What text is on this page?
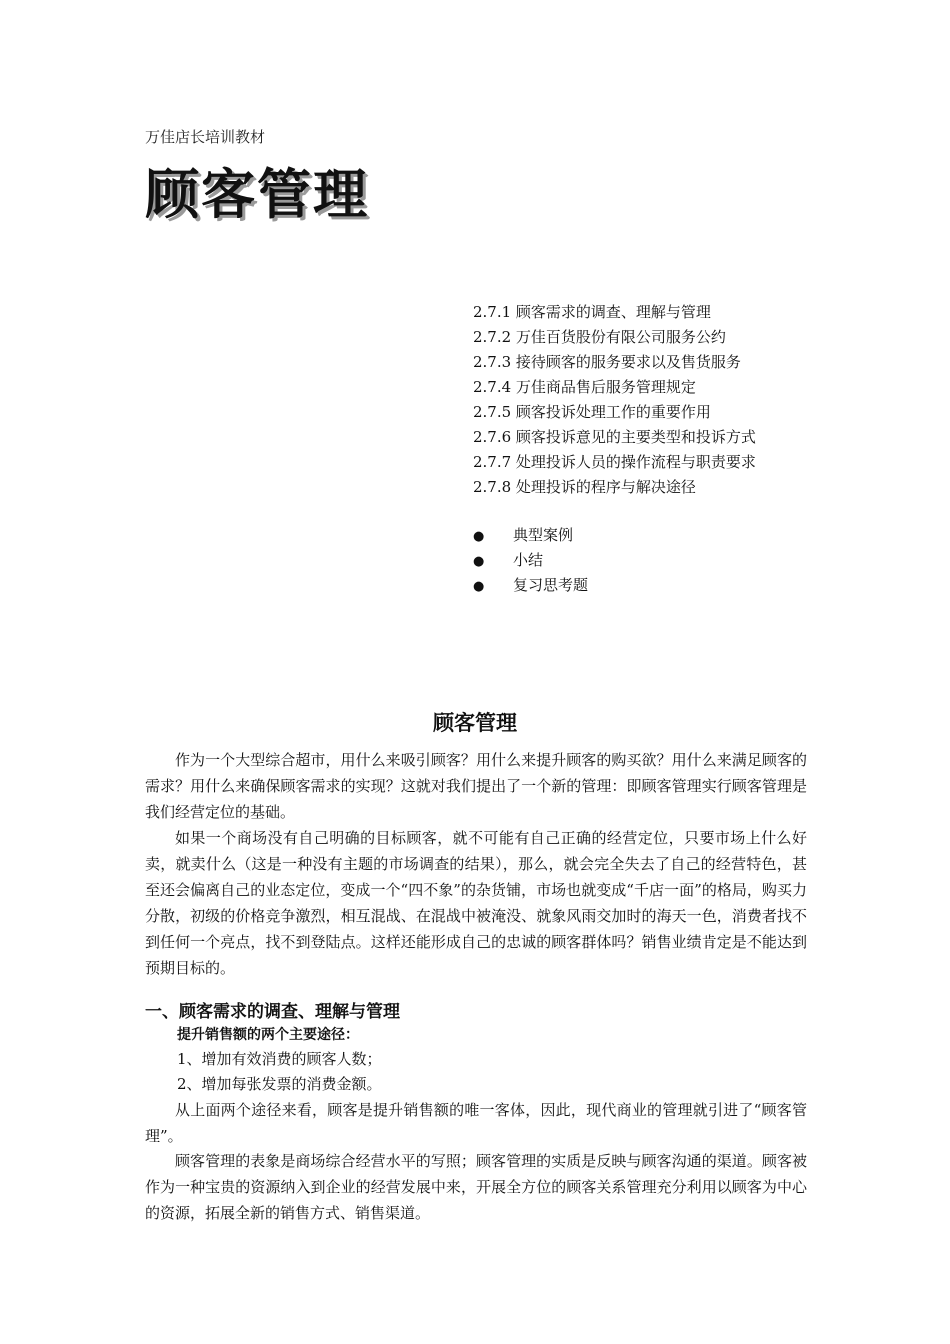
万佳店长培训教材
顾客管理
2.7.1 顾客需求的调查、理解与管理
2.7.2 万佳百货股份有限公司服务公约
2.7.3 接待顾客的服务要求以及售货服务
2.7.4 万佳商品售后服务管理规定
2.7.5 顾客投诉处理工作的重要作用
2.7.6 顾客投诉意见的主要类型和投诉方式
2.7.7 处理投诉人员的操作流程与职责要求
2.7.8 处理投诉的程序与解决途径
● 典型案例
● 小结
● 复习思考题
顾客管理

作为一个大型综合超市，用什么来吸引顾客？用什么来提升顾客的购买欲？用什么来满足顾客的需求？用什么来确保顾客需求的实现？这就对我们提出了一个新的管理：即顾客管理实行顾客管理是我们经营定位的基础。

如果一个商场没有自己明确的目标顾客，就不可能有自己正确的经营定位，只要市场上什么好卖，就卖什么（这是一种没有主题的市场调查的结果），那么，就会完全失去了自己的经营特色，甚至还会偏离自己的业态定位，变成一个“四不象”的杂货铺，市场也就变成“千店一面”的格局，购买力分散，初级的价格竞争激烈，相互混战、在混战中被淹没、就象风雨交加时的海天一色，消费者找不到任何一个亮点，找不到登陆点。这样还能形成自己的忠诚的顾客群体吗？销售业绩肯定是不能达到预期目标的。

一、顾客需求的调查、理解与管理
提升销售额的两个主要途径：
1、增加有效消费的顾客人数；
2、增加每张发票的消费金额。

从上面两个途径来看，顾客是提升销售额的唯一客体，因此，现代商业的管理就引进了“顾客管理”。

顾客管理的表象是商场综合经营水平的写照；顾客管理的实质是反映与顾客沟通的渠道。顾客被作为一种宝贵的资源纳入到企业的经营发展中来，开展全方位的顾客关系管理充分利用以顾客为中心的资源，拓展全新的销售方式、销售渠道。
